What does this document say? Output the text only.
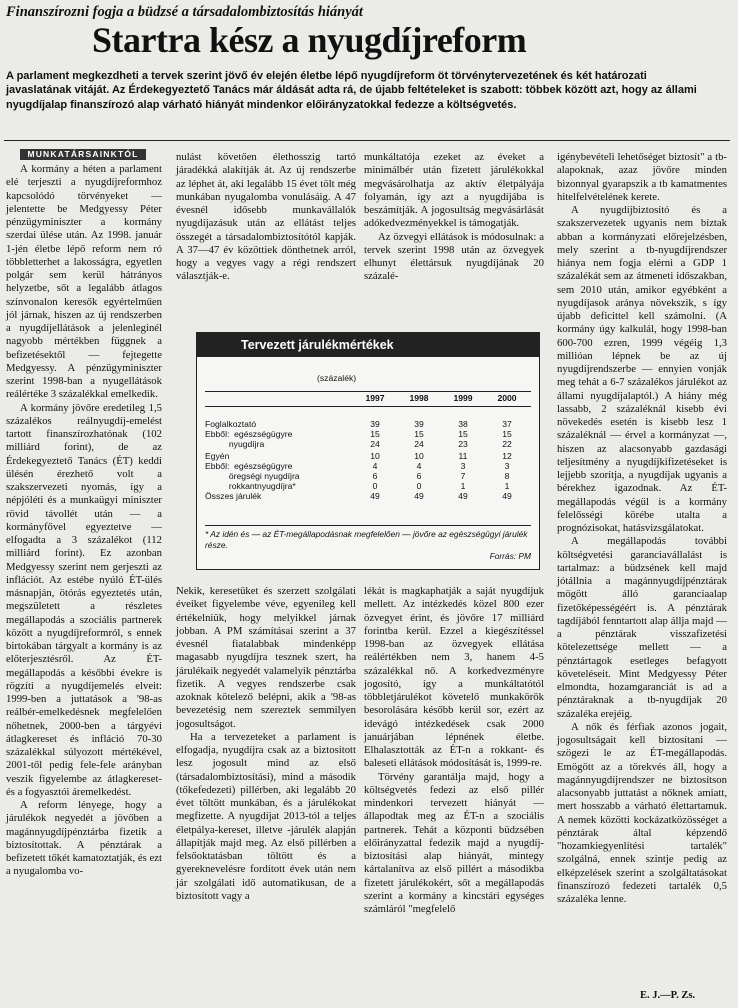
Finanszírozni fogja a büdzsé a társadalombiztosítás hiányát
Startra kész a nyugdíjreform

A parlament megkezdheti a tervek szerint jövő év elején életbe lépő nyugdíjreform öt törvénytervezetének és két határozati javaslatának vitáját. Az Érdekegyeztető Tanács már áldását adta rá, de újabb feltételeket is szabott: többek között azt, hogy az állami nyugdíjalap finanszírozó alap várható hiányát mindenkor előirányzatokkal fedezze a költségvetés.

MUNKATÁRSAINKTÓL

A kormány a héten a parlament elé terjeszti a nyugdíjreformhoz kapcsolódó törvényeket — jelentette be Medgyessy Péter pénzügyminiszter a kormány szerdai ülése után. Az 1998. január 1-jén életbe lépő reform nem ró többletterhet a lakosságra, egyetlen polgár sem kerül hátrányos helyzetbe, sőt a legalább átlagos színvonalon keresők egyértelműen jól járnak, hiszen az új rendszerben a nyugdíjellátások a jelenleginél nagyobb mértékben függnek a befizetésektől — fejtegette Medgyessy. A pénzügyminiszter szerint 1998-ban a nyugellátások reálértéke 3 százalékkal emelkedik.

A kormány jövőre eredetileg 1,5 százalékos reálnyugdíj-emelést tartott finanszírozhatónak (102 milliárd forint), de az Érdekegyeztető Tanács (ÉT) keddi ülésén érezhető volt a szakszervezeti nyomás, így a népjóléti és a munkaügyi miniszter rövid távollét után — a kormányfővel egyeztetve — elfogadta a 3 százalékot (112 milliárd forint). Ez azonban Medgyessy szerint nem gerjeszti az inflációt. Az estébe nyúló ÉT-ülés másnapján, ötórás egyeztetés után, megszületett a részletes megállapodás a szociális partnerek között a nyugdíjreformról, s ennek birtokában tárgyalt a kormány is az előterjesztésről. Az ÉT-megállapodás a későbbi évekre is rögzíti a nyugdíjemelés elveit: 1999-ben a juttatások a '98-as reálbér-emelkedésnek megfelelően nőhetnek, 2000-ben a tárgyévi átlagkereset és infláció 70-30 százalékkal súlyozott mértékével, 2001-től pedig fele-fele arányban veszik figyelembe az átlagkereset- és a fogyasztói áremelkedést.

A reform lényege, hogy a járulékok negyedét a jövőben a magánnyugdíjpénztárba fizetik a biztosítottak. A pénztárak a befizetett tőkét kamatoztatják, és ezt a nyugalomba vo-

nulást követően élethosszig tartó járadékká alakítják át. Az új rendszerbe az léphet át, aki legalább 15 évet tölt még munkában nyugalomba vonulásáig. A 47 évesnél idősebb munkavállalók nyugdíjazásuk után az ellátást teljes összegét a társadalombiztosítótól kapják. A 37—47 év közöttiek dönthetnek arról, hogy a vegyes vagy a régi rendszert választják-e.

munkáltatója ezeket az éveket a minimálbér után fizetett járulékokkal megvásárolhatja az aktív életpályája folyamán, így azt a nyugdíjába is beszámítják. A jogosultság megvásárlását adókedvezményekkel is támogatják.

Az özvegyi ellátások is módosulnak: a tervek szerint 1998 után az özvegyek elhunyt élettársuk nyugdíjának 20 százalé-

Tervezett járulékmértékek
(százalék)
1997	1998	1999	2000
Foglalkoztató	39	39	38	37
Ebből:  egészségügyre	15	15	15	15
nyugdíjra	24	24	23	22
Egyén	10	10	11	12
Ebből:  egészségügyre	4	4	3	3
öregségi nyugdíjra	6	6	7	8
rokkantnyugdíjra*	0	0	1	1
Összes járulék	49	49	49	49
* Az idén és — az ÉT-megállapodásnak megfelelően — jövőre az egészségügyi járulék része.
Forrás: PM

Nekik, keresetüket és szerzett szolgálati éveiket figyelembe véve, egyenileg kell értékelniük, hogy melyikkel járnak jobban. A PM számításai szerint a 37 évesnél fiatalabbak mindenképp magasabb nyugdíjra tesznek szert, ha járulékaik negyedét valamelyik pénztárba fizetik. A vegyes rendszerbe csak azoknak kötelező belépni, akik a '98-as bevezetésig nem szereztek semmilyen jogosultságot.

Ha a tervezeteket a parlament is elfogadja, nyugdíjra csak az a biztosított lesz jogosult mind az első (társadalombiztosítási), mind a második (tőkefedezeti) pillérben, aki legalább 20 évet töltött munkában, és a járulékokat megfizette. A nyugdíjat 2013-tól a teljes életpálya-kereset, illetve -járulék alapján állapítják majd meg. Az első pillérben a felsőoktatásban töltött és a gyereknevelésre fordított évek után nem jár szolgálati idő automatikusan, de a biztosított vagy a

lékát is magkaphatják a saját nyugdíjuk mellett. Az intézkedés közel 800 ezer özvegyet érint, és jövőre 17 milliárd forintba kerül. Ezzel a kiegészítéssel 1998-ban az özvegyek ellátása reálértékben nem 3, hanem 4-5 százalékkal nő. A korkedvezményre jogosító, így a munkáltatótól többletjárulékot követelő munkakörök besorolására később kerül sor, ezért az idevágó intézkedések csak 2000 januárjában lépnének életbe. Elhalasztották az ÉT-n a rokkant- és baleseti ellátások módosítását is, 1999-re.

Törvény garantálja majd, hogy a költségvetés fedezi az első pillér mindenkori tervezett hiányát — állapodtak meg az ÉT-n a szociális partnerek. Tehát a központi büdzsében előirányzattal fedezik majd a nyugdíj-biztosítási alap hiányát, mintegy kártalanítva az első pillért a másodikba fizetett járulékokért, sőt a megállapodás szerint a kormány a kincstári egységes számláról "megfelelő

igénybevételi lehetőséget biztosít" a tb-alapoknak, azaz jövőre minden bizonnyal gyarapszik a tb kamatmentes hitelfelvételének kerete.

A nyugdíjbiztosító és a szakszervezetek ugyanis nem bíztak abban a kormányzati előrejelzésben, mely szerint a tb-nyugdíjrendszer hiánya nem fogja elérni a GDP 1 százalékát sem az átmeneti időszakban, sem 2010 után, amikor egyébként a nyugdíjasok aránya növekszik, s így újabb deficittel kell számolni. (A kormány úgy kalkulál, hogy 1998-ban 600-700 ezren, 1999 végéig 1,3 millióan lépnek be az új nyugdíjrendszerbe — ennyien vonják meg tehát a 6-7 százalékos járulékot az állami nyugdíjalaptól.) A hiány még lassabb, 2 százaléknál kisebb évi növekedés esetén is kisebb lesz 1 százaléknál — érvel a kormányzat —, hiszen az alacsonyabb gazdasági teljesítmény a nyugdíjkifizetéseket is lejjebb szorítja, a nyugdíjak ugyanis a bérekhez igazodnak. Az ÉT-megállapodás végül is a kormány felelősségi körébe utalta a prognózisokat, hatásvizsgálatokat.

A megállapodás további költségvetési garanciavállalást is tartalmaz: a büdzsének kell majd jótállnia a magánnyugdíjpénztárak mögött álló garanciaalap fizetőképességéért is. A pénztárak tagdíjából fenntartott alap állja majd — a pénztárak visszafizetési kötelezettsége mellett — a pénztártagok esetleges befagyott követeléseit. Mint Medgyessy Péter elmondta, hozamgaranciát is ad a pénztáraknak a tb-nyugdíjak 20 százaléka erejéig.

A nők és férfiak azonos jogait, jogosultságait kell biztosítani — szögezi le az ÉT-megállapodás. Emögött az a törekvés áll, hogy a magánnyugdíjrendszer ne biztosítson alacsonyabb juttatást a nőknek amiatt, mert hosszabb a várható élettartamuk. A nemek közötti kockázatközösséget a pénztárak által képzendő "hozamkiegyenlítési tartalék" szolgálná, ennek szintje pedig az elképzelések szerint a szolgáltatásokat finanszírozó fedezeti tartalék 0,5 százaléka lenne.

E. J.—P. Zs.
